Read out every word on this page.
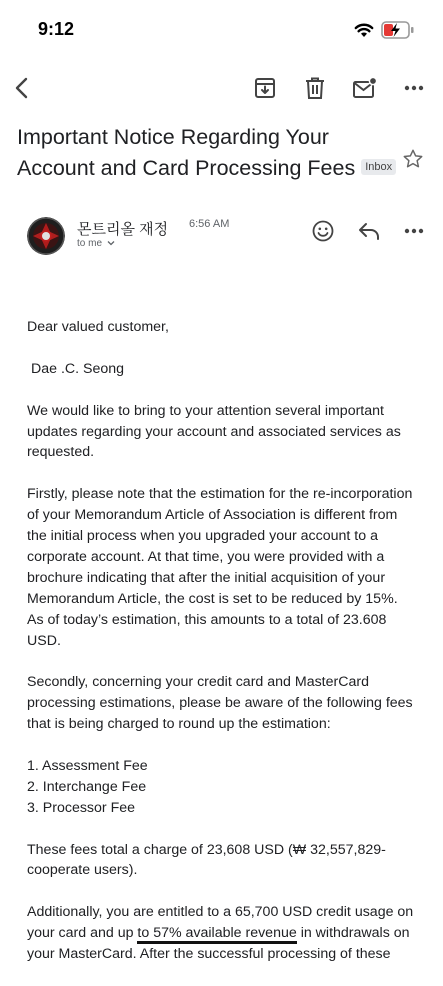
9:12
Important Notice Regarding Your Account and Card Processing Fees Inbox
몬트리올 재정 6:56 AM
to me

Dear valued customer,

Dae .C. Seong

We would like to bring to your attention several important
updates regarding your account and associated services as
requested.

Firstly, please note that the estimation for the re-incorporation
of your Memorandum Article of Association is different from
the initial process when you upgraded your account to a
corporate account. At that time, you were provided with a
brochure indicating that after the initial acquisition of your
Memorandum Article, the cost is set to be reduced by 15%.
As of today’s estimation, this amounts to a total of 23.608
USD.

Secondly, concerning your credit card and MasterCard
processing estimations, please be aware of the following fees
that is being charged to round up the estimation:

1. Assessment Fee
2. Interchange Fee
3. Processor Fee

These fees total a charge of 23,608 USD (₩ 32,557,829-
cooperate users).

Additionally, you are entitled to a 65,700 USD credit usage on
your card and up to 57% available revenue in withdrawals on
your MasterCard. After the successful processing of these
